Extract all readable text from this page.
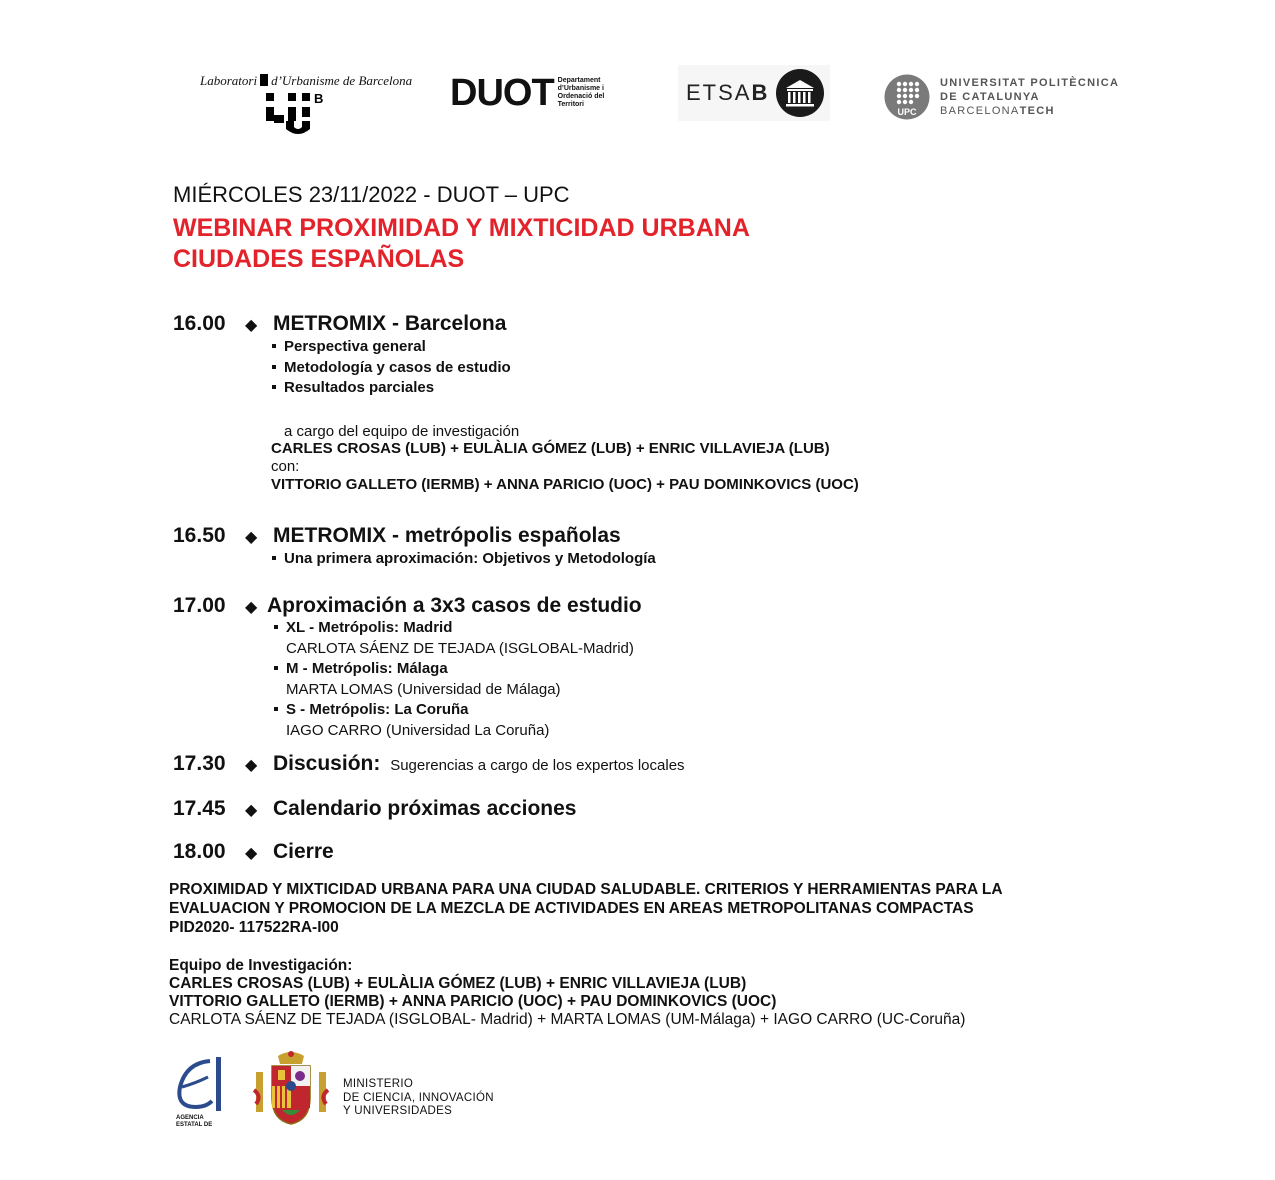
Laboratori d’Urbanisme de Barcelona
B	DUOT Departament
d’Urbanisme i
Ordenació del
Territori	ETSAB
UPC
UNIVERSITAT POLITÈCNICA
DE CATALUNYA
BARCELONATECH
MIÉRCOLES 23/11/2022 - DUOT – UPC
WEBINAR PROXIMIDAD Y MIXTICIDAD URBANA
CIUDADES ESPAÑOLAS
16.00 ◆ METROMIX - Barcelona
Perspectiva general
Metodología y casos de estudio
Resultados parciales
a cargo del equipo de investigación
CARLES CROSAS (LUB) + EULÀLIA GÓMEZ (LUB) + ENRIC VILLAVIEJA (LUB)
con:
VITTORIO GALLETO (IERMB) + ANNA PARICIO (UOC) + PAU DOMINKOVICS (UOC)
16.50 ◆ METROMIX - metrópolis españolas
Una primera aproximación: Objetivos y Metodología
17.00 ◆ Aproximación a 3x3 casos de estudio
XL - Metrópolis: Madrid
CARLOTA SÁENZ DE TEJADA (ISGLOBAL-Madrid)
M - Metrópolis: Málaga
MARTA LOMAS (Universidad de Málaga)
S - Metrópolis: La Coruña
IAGO CARRO (Universidad La Coruña)
17.30 ◆ Discusión: Sugerencias a cargo de los expertos locales
17.45 ◆ Calendario próximas acciones
18.00 ◆ Cierre
PROXIMIDAD Y MIXTICIDAD URBANA PARA UNA CIUDAD SALUDABLE. CRITERIOS Y HERRAMIENTAS PARA LA
EVALUACION Y PROMOCION DE LA MEZCLA DE ACTIVIDADES EN AREAS METROPOLITANAS COMPACTAS
PID2020- 117522RA-I00
Equipo de Investigación:
CARLES CROSAS (LUB) + EULÀLIA GÓMEZ (LUB) + ENRIC VILLAVIEJA (LUB)
VITTORIO GALLETO (IERMB) + ANNA PARICIO (UOC) + PAU DOMINKOVICS (UOC)
CARLOTA SÁENZ DE TEJADA (ISGLOBAL- Madrid) + MARTA LOMAS (UM-Málaga) + IAGO CARRO (UC-Coruña)
AGENCIA
ESTATAL DE
MINISTERIO
DE CIENCIA, INNOVACIÓN
Y UNIVERSIDADES
